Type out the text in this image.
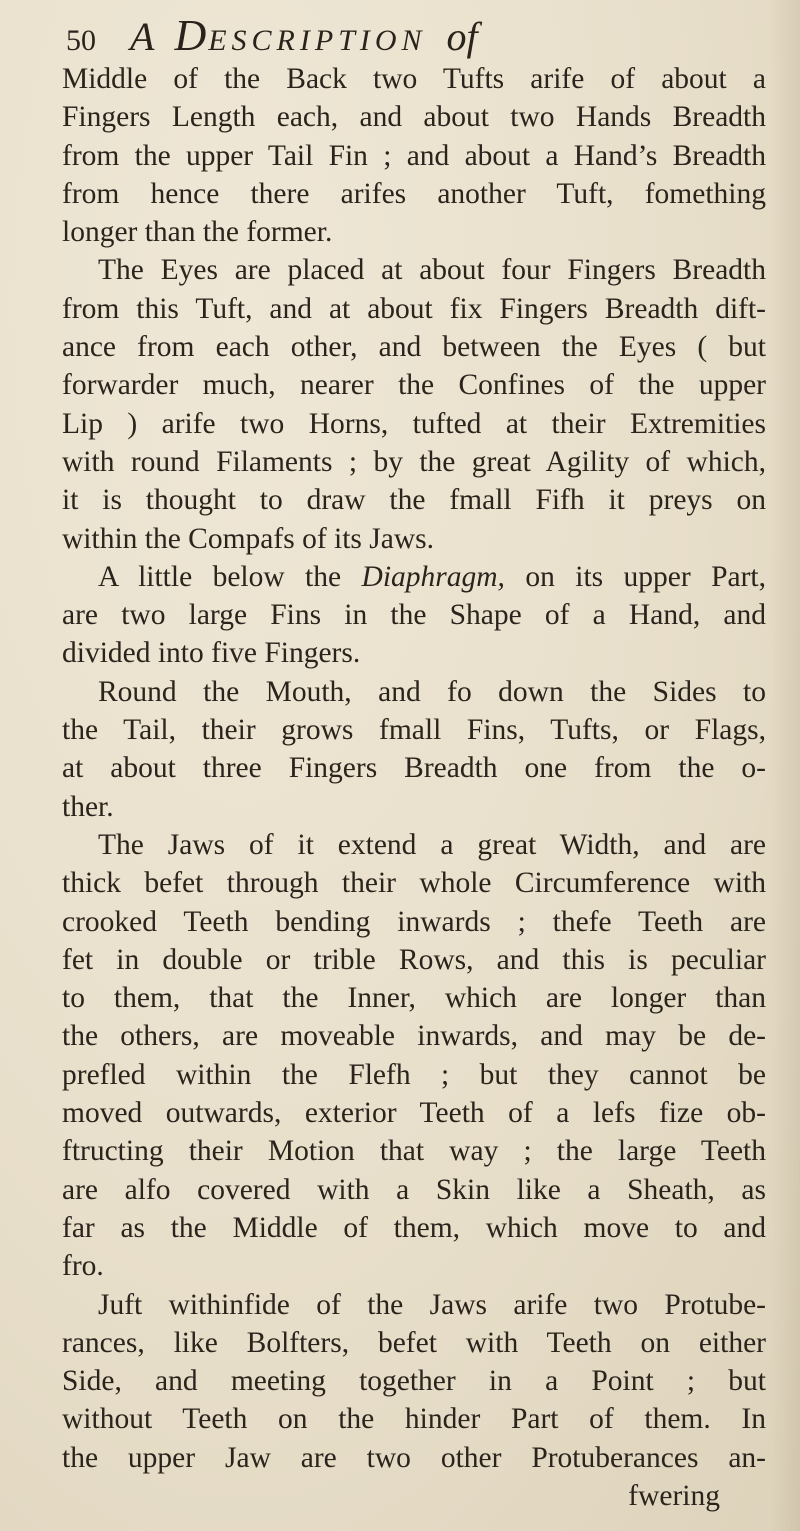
50 A DESCRIPTION of
Middle of the Back two Tufts arife of about a
Fingers Length each, and about two Hands Breadth
from the upper Tail Fin ; and about a Hand’s Breadth
from hence there arifes another Tuft, fomething
longer than the former.
The Eyes are placed at about four Fingers Breadth
from this Tuft, and at about fix Fingers Breadth dift-
ance from each other, and between the Eyes ( but
forwarder much, nearer the Confines of the upper
Lip ) arife two Horns, tufted at their Extremities
with round Filaments ; by the great Agility of which,
it is thought to draw the fmall Fifh it preys on
within the Compafs of its Jaws.
A little below the Diaphragm, on its upper Part,
are two large Fins in the Shape of a Hand, and
divided into five Fingers.
Round the Mouth, and fo down the Sides to
the Tail, their grows fmall Fins, Tufts, or Flags,
at about three Fingers Breadth one from the o-
ther.
The Jaws of it extend a great Width, and are
thick befet through their whole Circumference with
crooked Teeth bending inwards ; thefe Teeth are
fet in double or trible Rows, and this is peculiar
to them, that the Inner, which are longer than
the others, are moveable inwards, and may be de-
prefled within the Flefh ; but they cannot be
moved outwards, exterior Teeth of a lefs fize ob-
ftructing their Motion that way ; the large Teeth
are alfo covered with a Skin like a Sheath, as
far as the Middle of them, which move to and
fro.
Juft withinfide of the Jaws arife two Protube-
rances, like Bolfters, befet with Teeth on either
Side, and meeting together in a Point ; but
without Teeth on the hinder Part of them. In
the upper Jaw are two other Protuberances an-
fwering
